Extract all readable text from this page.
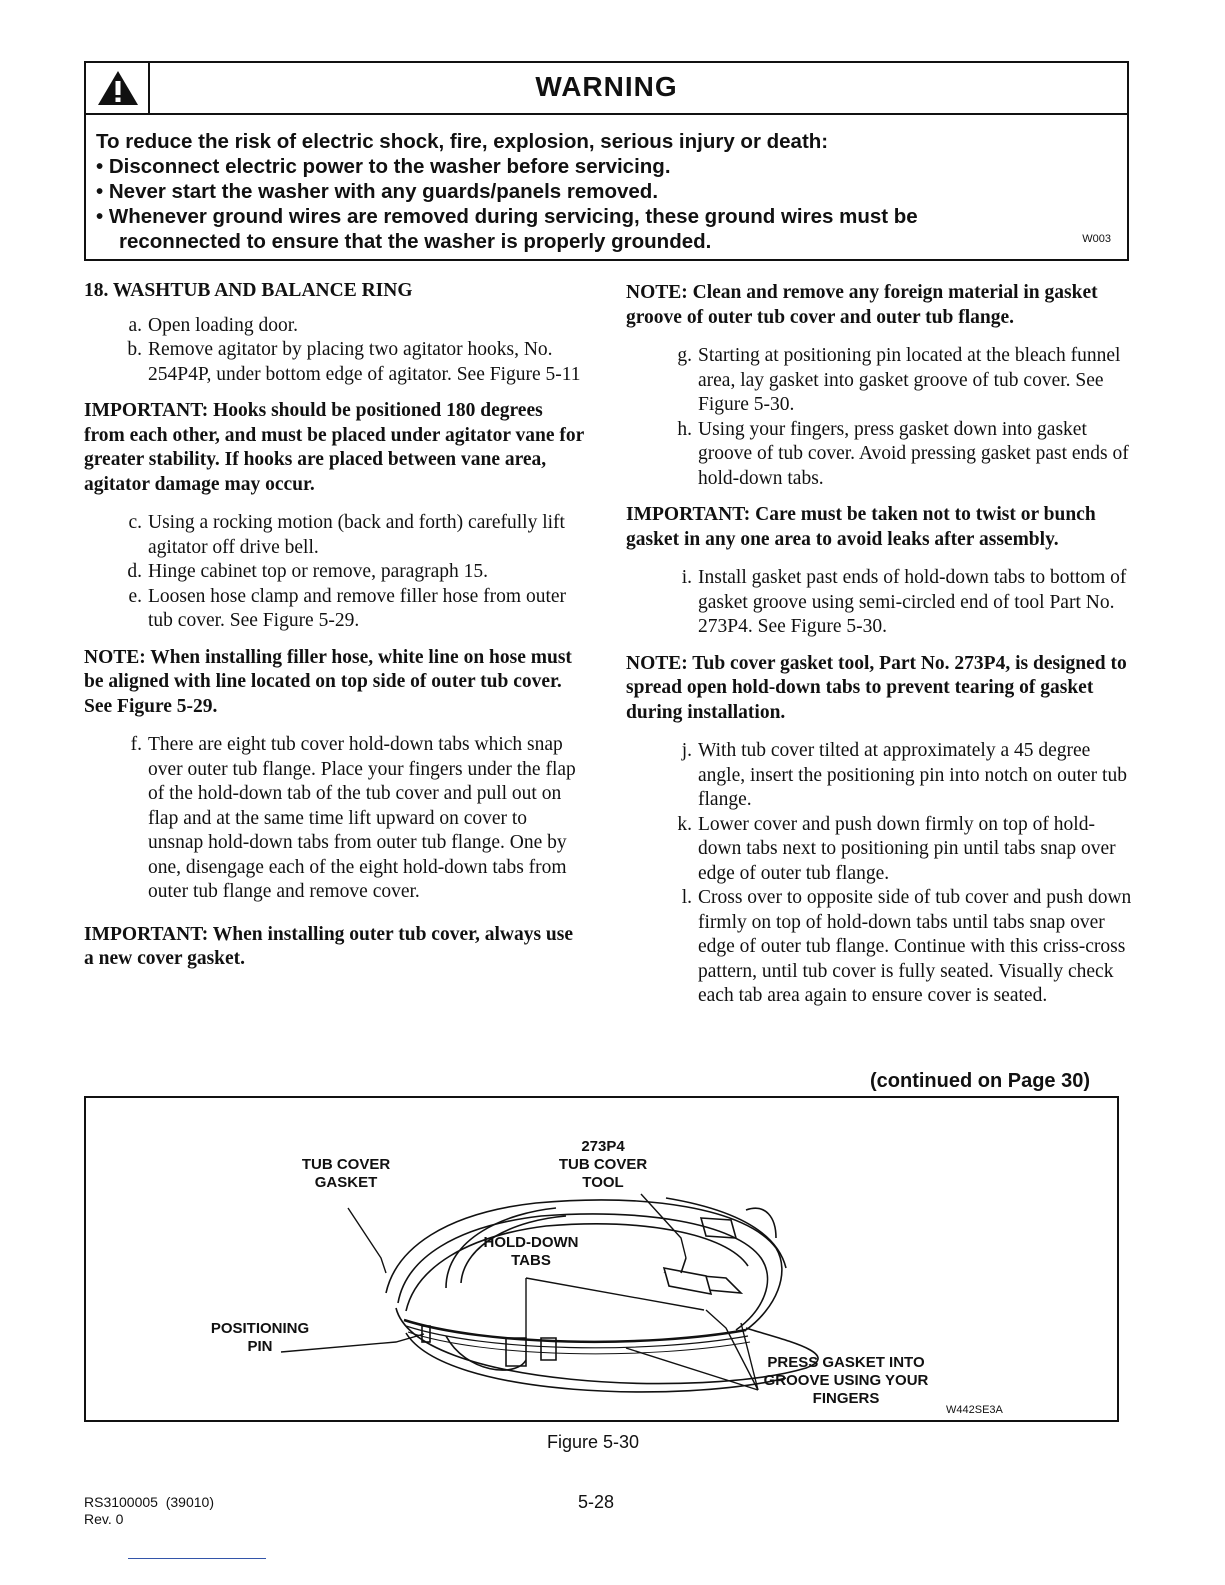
WARNING
To reduce the risk of electric shock, fire, explosion, serious injury or death:
• Disconnect electric power to the washer before servicing.
• Never start the washer with any guards/panels removed.
• Whenever ground wires are removed during servicing, these ground wires must be
reconnected to ensure that the washer is properly grounded.	W003
18. WASHTUB AND BALANCE RING
a. Open loading door.
b. Remove agitator by placing two agitator hooks, No. 254P4P, under bottom edge of agitator. See Figure 5-11

IMPORTANT: Hooks should be positioned 180 degrees from each other, and must be placed under agitator vane for greater stability. If hooks are placed between vane area, agitator damage may occur.

c. Using a rocking motion (back and forth) carefully lift agitator off drive bell.
d. Hinge cabinet top or remove, paragraph 15.
e. Loosen hose clamp and remove filler hose from outer tub cover. See Figure 5-29.

NOTE: When installing filler hose, white line on hose must be aligned with line located on top side of outer tub cover. See Figure 5-29.

f. There are eight tub cover hold-down tabs which snap over outer tub flange. Place your fingers under the flap of the hold-down tab of the tub cover and pull out on flap and at the same time lift upward on cover to unsnap hold-down tabs from outer tub flange. One by one, disengage each of the eight hold-down tabs from outer tub flange and remove cover.

IMPORTANT: When installing outer tub cover, always use a new cover gasket.

NOTE: Clean and remove any foreign material in gasket groove of outer tub cover and outer tub flange.

g. Starting at positioning pin located at the bleach funnel area, lay gasket into gasket groove of tub cover. See Figure 5-30.
h. Using your fingers, press gasket down into gasket groove of tub cover. Avoid pressing gasket past ends of hold-down tabs.

IMPORTANT: Care must be taken not to twist or bunch gasket in any one area to avoid leaks after assembly.

i. Install gasket past ends of hold-down tabs to bottom of gasket groove using semi-circled end of tool Part No. 273P4. See Figure 5-30.

NOTE: Tub cover gasket tool, Part No. 273P4, is designed to spread open hold-down tabs to prevent tearing of gasket during installation.

j. With tub cover tilted at approximately a 45 degree angle, insert the positioning pin into notch on outer tub flange.
k. Lower cover and push down firmly on top of hold- down tabs next to positioning pin until tabs snap over edge of outer tub flange.
l. Cross over to opposite side of tub cover and push down firmly on top of hold-down tabs until tabs snap over edge of outer tub flange. Continue with this criss-cross pattern, until tub cover is fully seated. Visually check each tab area again to ensure cover is seated.
(continued on Page 30)
TUB COVER
GASKET
273P4
TUB COVER
TOOL
HOLD-DOWN
TABS
POSITIONING
PIN
PRESS GASKET INTO
GROOVE USING YOUR
FINGERS
W442SE3A
Figure 5-30
RS3100005  (39010)
Rev. 0
5-28
